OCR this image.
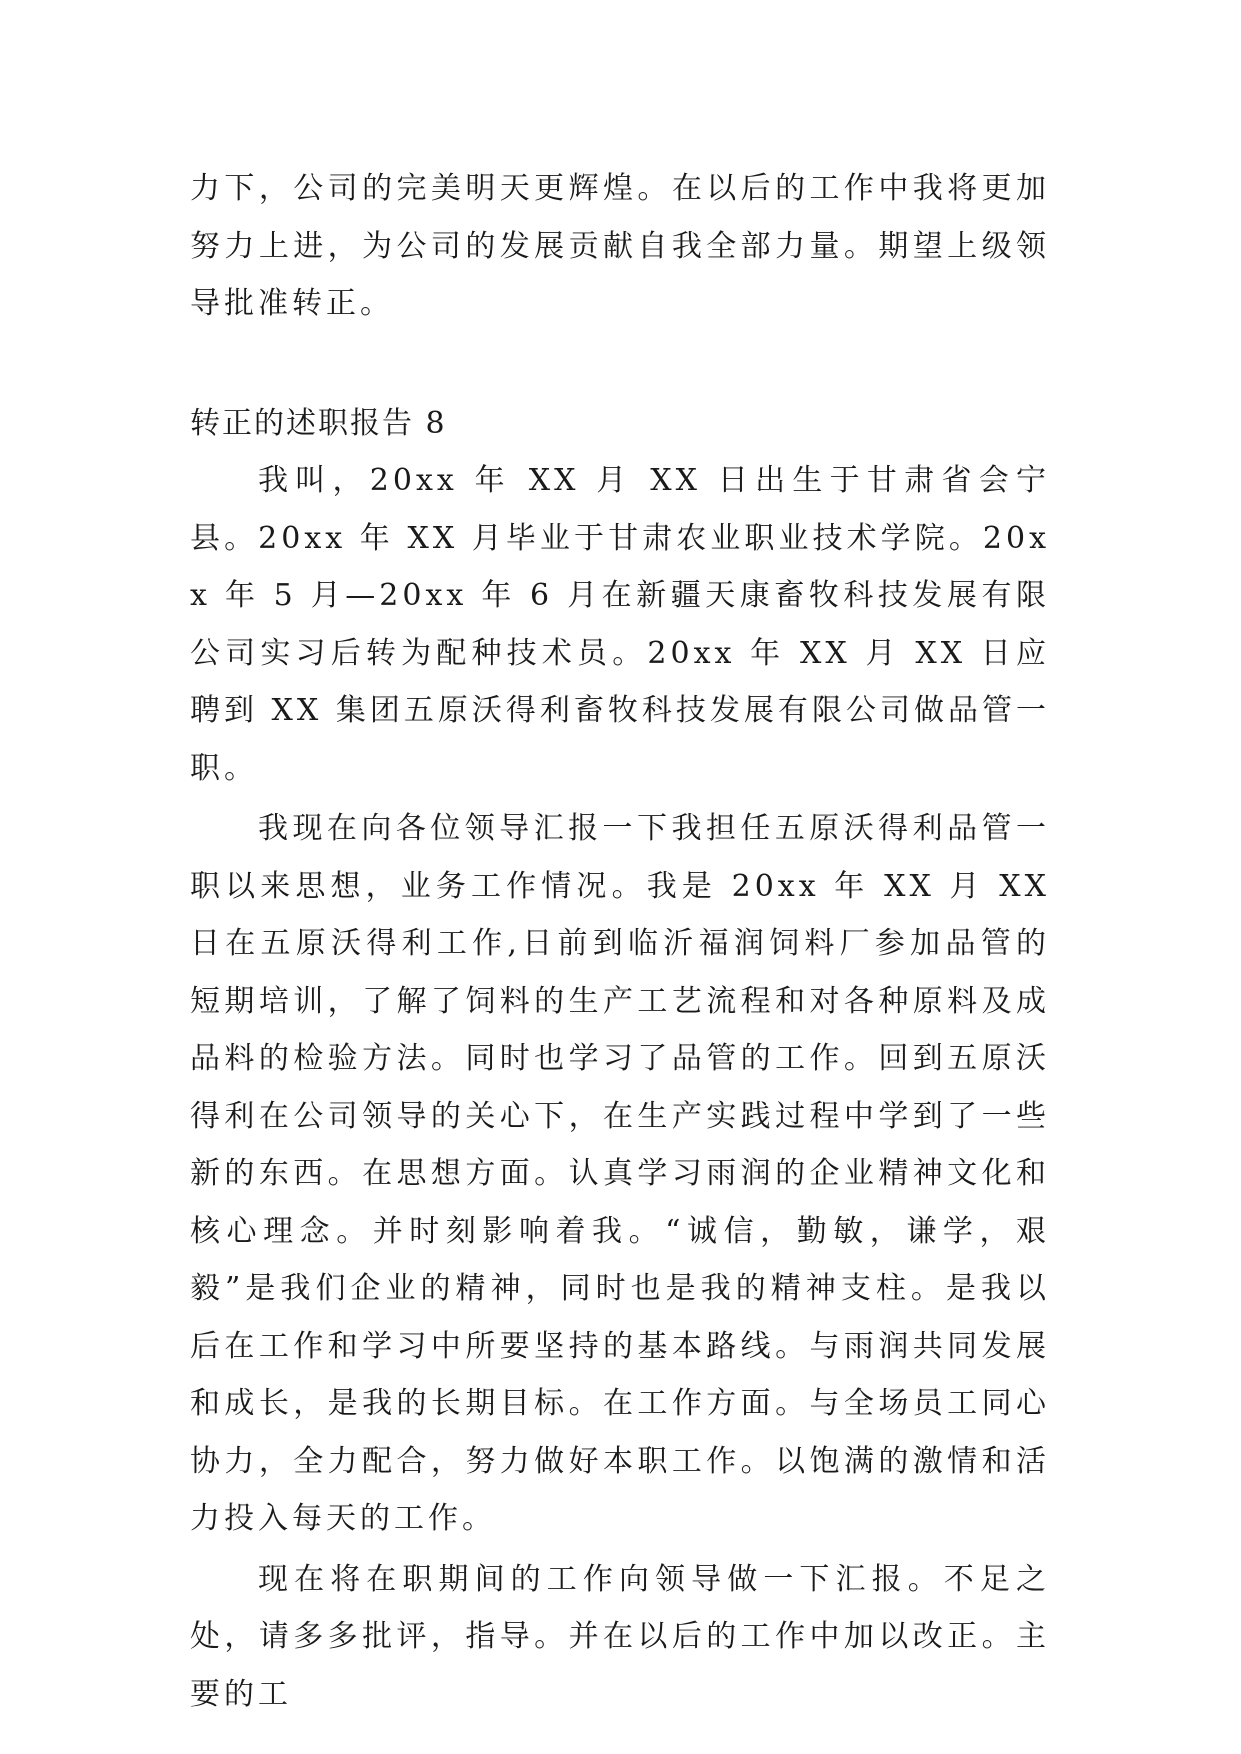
力下，公司的完美明天更辉煌。在以后的工作中我将更加努力上进，为公司的发展贡献自我全部力量。期望上级领导批准转正。

转正的述职报告 8

我叫，20xx 年 XX 月 XX 日出生于甘肃省会宁县。20xx 年 XX 月毕业于甘肃农业职业技术学院。20xx 年 5 月—20xx 年 6 月在新疆天康畜牧科技发展有限公司实习后转为配种技术员。20xx 年 XX 月 XX 日应聘到 XX 集团五原沃得利畜牧科技发展有限公司做品管一职。

我现在向各位领导汇报一下我担任五原沃得利品管一职以来思想，业务工作情况。我是 20xx 年 XX 月 XX 日在五原沃得利工作,日前到临沂福润饲料厂参加品管的短期培训，了解了饲料的生产工艺流程和对各种原料及成品料的检验方法。同时也学习了品管的工作。回到五原沃得利在公司领导的关心下，在生产实践过程中学到了一些新的东西。在思想方面。认真学习雨润的企业精神文化和核心理念。并时刻影响着我。“诚信，勤敏，谦学，艰毅”是我们企业的精神，同时也是我的精神支柱。是我以后在工作和学习中所要坚持的基本路线。与雨润共同发展和成长，是我的长期目标。在工作方面。与全场员工同心协力，全力配合，努力做好本职工作。以饱满的激情和活力投入每天的工作。

现在将在职期间的工作向领导做一下汇报。不足之处，请多多批评，指导。并在以后的工作中加以改正。主要的工
